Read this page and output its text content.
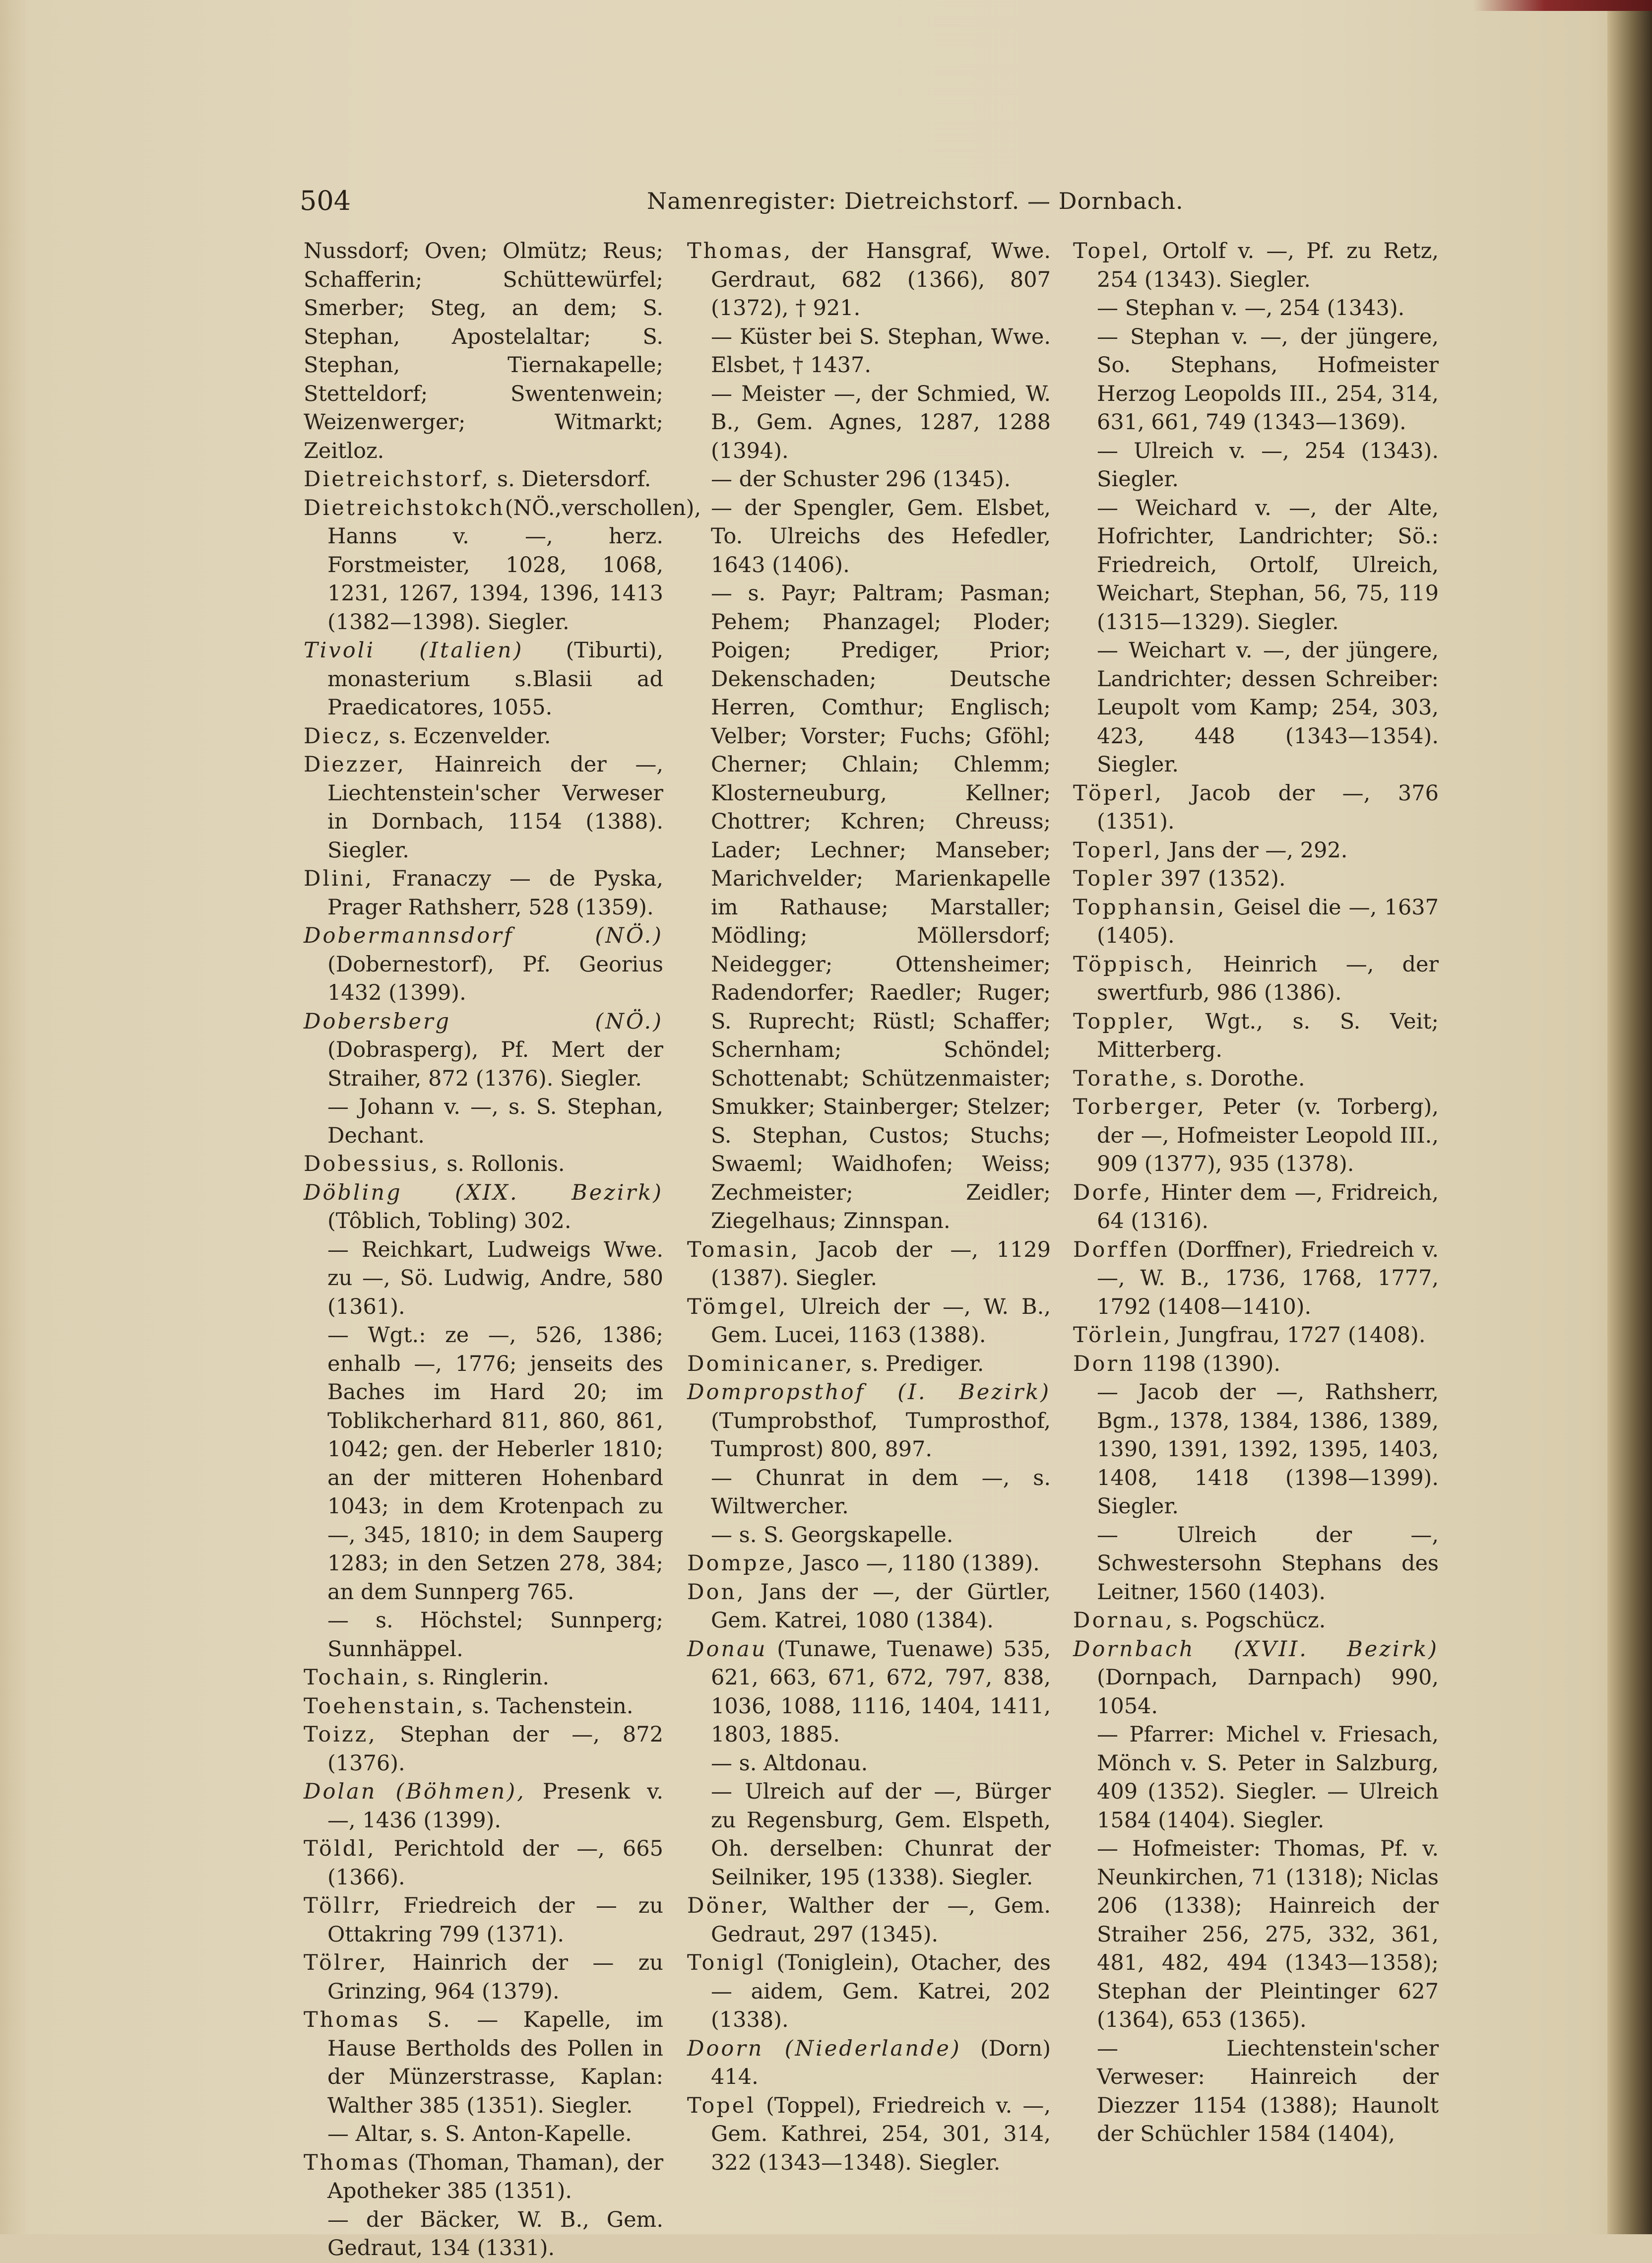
504	Namenregister: Dietreichstorf. — Dornbach.

Nussdorf; Oven; Olmütz; Reus; Schafferin; Schüttewürfel; Smerber; Steg, an dem; S. Stephan, Apostelaltar; S. Stephan, Tiernakapelle; Stetteldorf; Swentenwein; Weizenwerger; Witmarkt; Zeitloz.

Dietreichstorf, s. Dietersdorf.

Dietreichstokch(NÖ.,verschollen), Hanns v. —, herz. Forstmeister, 1028, 1068, 1231, 1267, 1394, 1396, 1413 (1382—1398). Siegler.

Tivoli (Italien) (Tiburti), monasterium s.Blasii ad Praedicatores, 1055.

Diecz, s. Eczenvelder.

Diezzer, Hainreich der —, Liechtenstein'scher Verweser in Dornbach, 1154 (1388). Siegler.

Dlini, Franaczy — de Pyska, Prager Rathsherr, 528 (1359).

Dobermannsdorf (NÖ.) (Dobernestorf), Pf. Georius 1432 (1399).

Dobersberg (NÖ.) (Dobrasperg), Pf. Mert der Straiher, 872 (1376). Siegler.

— Johann v. —, s. S. Stephan, Dechant.

Dobessius, s. Rollonis.

Döbling (XIX. Bezirk) (Tôblich, Tobling) 302.

— Reichkart, Ludweigs Wwe. zu —, Sö. Ludwig, Andre, 580 (1361).

— Wgt.: ze —, 526, 1386; enhalb —, 1776; jenseits des Baches im Hard 20; im Toblikcherhard 811, 860, 861, 1042; gen. der Heberler 1810; an der mitteren Hohenbard 1043; in dem Krotenpach zu —, 345, 1810; in dem Sauperg 1283; in den Setzen 278, 384; an dem Sunnperg 765.

— s. Höchstel; Sunnperg; Sunnhäppel.

Tochain, s. Ringlerin.

Toehenstain, s. Tachenstein.

Toizz, Stephan der —, 872 (1376).

Dolan (Böhmen), Presenk v. —, 1436 (1399).

Töldl, Perichtold der —, 665 (1366).

Töllrr, Friedreich der — zu Ottakring 799 (1371).

Tölrer, Hainrich der — zu Grinzing, 964 (1379).

Thomas S. — Kapelle, im Hause Bertholds des Pollen in der Münzerstrasse, Kaplan: Walther 385 (1351). Siegler.

— Altar, s. S. Anton-Kapelle.

Thomas (Thoman, Thaman), der Apotheker 385 (1351).

— der Bäcker, W. B., Gem. Gedraut, 134 (1331).

Thomas, der Hansgraf, Wwe. Gerdraut, 682 (1366), 807 (1372), † 921.

— Küster bei S. Stephan, Wwe. Elsbet, † 1437.

— Meister —, der Schmied, W. B., Gem. Agnes, 1287, 1288 (1394).

— der Schuster 296 (1345).

— der Spengler, Gem. Elsbet, To. Ulreichs des Hefedler, 1643 (1406).

— s. Payr; Paltram; Pasman; Pehem; Phanzagel; Ploder; Poigen; Prediger, Prior; Dekenschaden; Deutsche Herren, Comthur; Englisch; Velber; Vorster; Fuchs; Gföhl; Cherner; Chlain; Chlemm; Klosterneuburg, Kellner; Chottrer; Kchren; Chreuss; Lader; Lechner; Manseber; Marichvelder; Marienkapelle im Rathause; Marstaller; Mödling; Möllersdorf; Neidegger; Ottensheimer; Radendorfer; Raedler; Ruger; S. Ruprecht; Rüstl; Schaffer; Schernham; Schöndel; Schottenabt; Schützenmaister; Smukker; Stainberger; Stelzer; S. Stephan, Custos; Stuchs; Swaeml; Waidhofen; Weiss; Zechmeister; Zeidler; Ziegelhaus; Zinnspan.

Tomasin, Jacob der —, 1129 (1387). Siegler.

Tömgel, Ulreich der —, W. B., Gem. Lucei, 1163 (1388).

Dominicaner, s. Prediger.

Dompropsthof (I. Bezirk) (Tumprobsthof, Tumprosthof, Tumprost) 800, 897.

— Chunrat in dem —, s. Wiltwercher.

— s. S. Georgskapelle.

Dompze, Jasco —, 1180 (1389).

Don, Jans der —, der Gürtler, Gem. Katrei, 1080 (1384).

Donau (Tunawe, Tuenawe) 535, 621, 663, 671, 672, 797, 838, 1036, 1088, 1116, 1404, 1411, 1803, 1885.

— s. Altdonau.

— Ulreich auf der —, Bürger zu Regensburg, Gem. Elspeth, Oh. derselben: Chunrat der Seilniker, 195 (1338). Siegler.

Döner, Walther der —, Gem. Gedraut, 297 (1345).

Tonigl (Toniglein), Otacher, des — aidem, Gem. Katrei, 202 (1338).

Doorn (Niederlande) (Dorn) 414.

Topel (Toppel), Friedreich v. —, Gem. Kathrei, 254, 301, 314, 322 (1343—1348). Siegler.

Topel, Ortolf v. —, Pf. zu Retz, 254 (1343). Siegler.

— Stephan v. —, 254 (1343).

— Stephan v. —, der jüngere, So. Stephans, Hofmeister Herzog Leopolds III., 254, 314, 631, 661, 749 (1343—1369).

— Ulreich v. —, 254 (1343). Siegler.

— Weichard v. —, der Alte, Hofrichter, Landrichter; Sö.: Friedreich, Ortolf, Ulreich, Weichart, Stephan, 56, 75, 119 (1315—1329). Siegler.

— Weichart v. —, der jüngere, Landrichter; dessen Schreiber: Leupolt vom Kamp; 254, 303, 423, 448 (1343—1354). Siegler.

Töperl, Jacob der —, 376 (1351).

Toperl, Jans der —, 292.

Topler 397 (1352).

Topphansin, Geisel die —, 1637 (1405).

Töppisch, Heinrich —, der swertfurb, 986 (1386).

Toppler, Wgt., s. S. Veit; Mitterberg.

Torathe, s. Dorothe.

Torberger, Peter (v. Torberg), der —, Hofmeister Leopold III., 909 (1377), 935 (1378).

Dorfe, Hinter dem —, Fridreich, 64 (1316).

Dorffen (Dorffner), Friedreich v. —, W. B., 1736, 1768, 1777, 1792 (1408—1410).

Törlein, Jungfrau, 1727 (1408).

Dorn 1198 (1390).

— Jacob der —, Rathsherr, Bgm., 1378, 1384, 1386, 1389, 1390, 1391, 1392, 1395, 1403, 1408, 1418 (1398—1399). Siegler.

— Ulreich der —, Schwestersohn Stephans des Leitner, 1560 (1403).

Dornau, s. Pogschücz.

Dornbach (XVII. Bezirk) (Dornpach, Darnpach) 990, 1054.

— Pfarrer: Michel v. Friesach, Mönch v. S. Peter in Salzburg, 409 (1352). Siegler. — Ulreich 1584 (1404). Siegler.

— Hofmeister: Thomas, Pf. v. Neunkirchen, 71 (1318); Niclas 206 (1338); Hainreich der Straiher 256, 275, 332, 361, 481, 482, 494 (1343—1358); Stephan der Pleintinger 627 (1364), 653 (1365).

— Liechtenstein'scher Verweser: Hainreich der Diezzer 1154 (1388); Haunolt der Schüchler 1584 (1404),
